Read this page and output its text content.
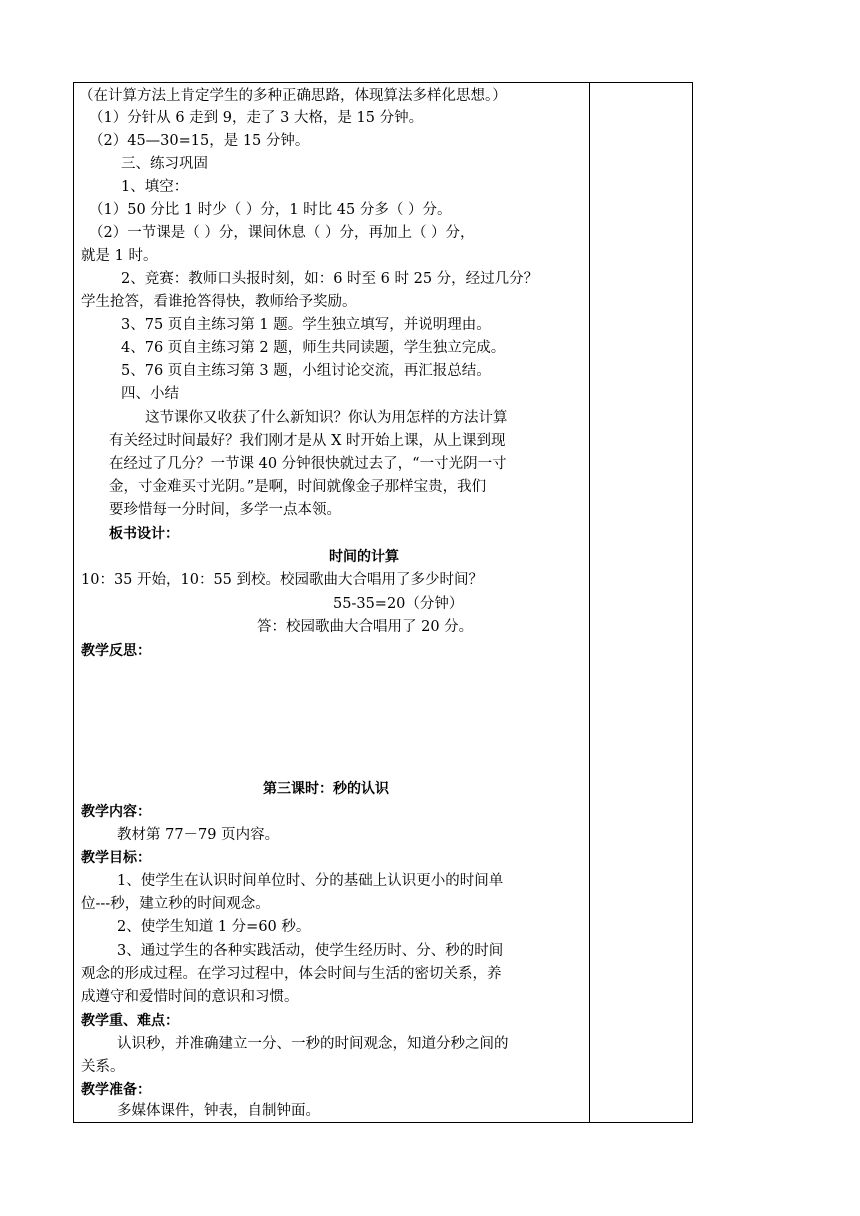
（在计算方法上肯定学生的多种正确思路，体现算法多样化思想。）
（1）分针从 6 走到 9，走了 3 大格，是 15 分钟。
（2）45—30=15，是 15 分钟。
三、练习巩固
1、填空：
（1）50 分比 1 时少（ ）分，1 时比 45 分多（ ）分。
（2）一节课是（ ）分，课间休息（ ）分，再加上（ ）分，
就是 1 时。
2、竞赛：教师口头报时刻，如：6 时至 6 时 25 分，经过几分？
学生抢答，看谁抢答得快，教师给予奖励。
3、75 页自主练习第 1 题。学生独立填写，并说明理由。
4、76 页自主练习第 2 题，师生共同读题，学生独立完成。
5、76 页自主练习第 3 题，小组讨论交流，再汇报总结。
四、小结
这节课你又收获了什么新知识？你认为用怎样的方法计算
有关经过时间最好？我们刚才是从 X 时开始上课，从上课到现
在经过了几分？一节课 40 分钟很快就过去了，“一寸光阴一寸
金，寸金难买寸光阴。”是啊，时间就像金子那样宝贵，我们
要珍惜每一分时间，多学一点本领。
板书设计：
时间的计算
10：35 开始，10：55 到校。校园歌曲大合唱用了多少时间？
55-35=20（分钟）
答：校园歌曲大合唱用了 20 分。
教学反思：
第三课时：秒的认识
教学内容：
教材第 77－79 页内容。
教学目标：
1、使学生在认识时间单位时、分的基础上认识更小的时间单
位---秒，建立秒的时间观念。
2、使学生知道 1 分=60 秒。
3、通过学生的各种实践活动，使学生经历时、分、秒的时间
观念的形成过程。在学习过程中，体会时间与生活的密切关系，养
成遵守和爱惜时间的意识和习惯。
教学重、难点：
认识秒，并准确建立一分、一秒的时间观念，知道分秒之间的
关系。
教学准备：
多媒体课件，钟表，自制钟面。
